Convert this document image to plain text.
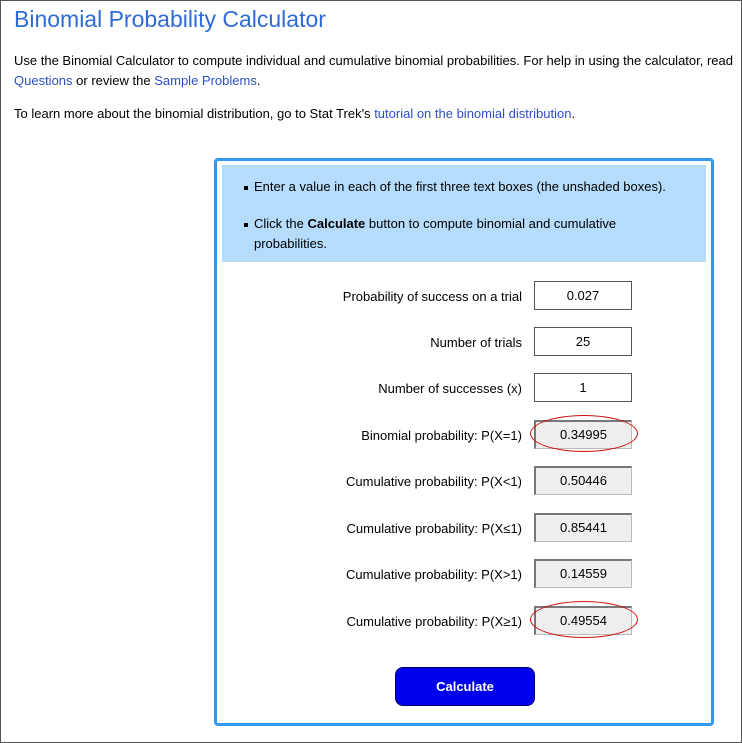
Binomial Probability Calculator
Use the Binomial Calculator to compute individual and cumulative binomial probabilities. For help in using the calculator, read
Questions or review the Sample Problems.
To learn more about the binomial distribution, go to Stat Trek's tutorial on the binomial distribution.
Enter a value in each of the first three text boxes (the unshaded boxes).
Click the Calculate button to compute binomial and cumulative probabilities.
Probability of success on a trial
0.027
Number of trials
25
Number of successes (x)
1
Binomial probability: P(X=1)	0.34995
Cumulative probability: P(X<1)	0.50446
Cumulative probability: P(X≤1)	0.85441
Cumulative probability: P(X>1)	0.14559
Cumulative probability: P(X≥1)	0.49554
Calculate
